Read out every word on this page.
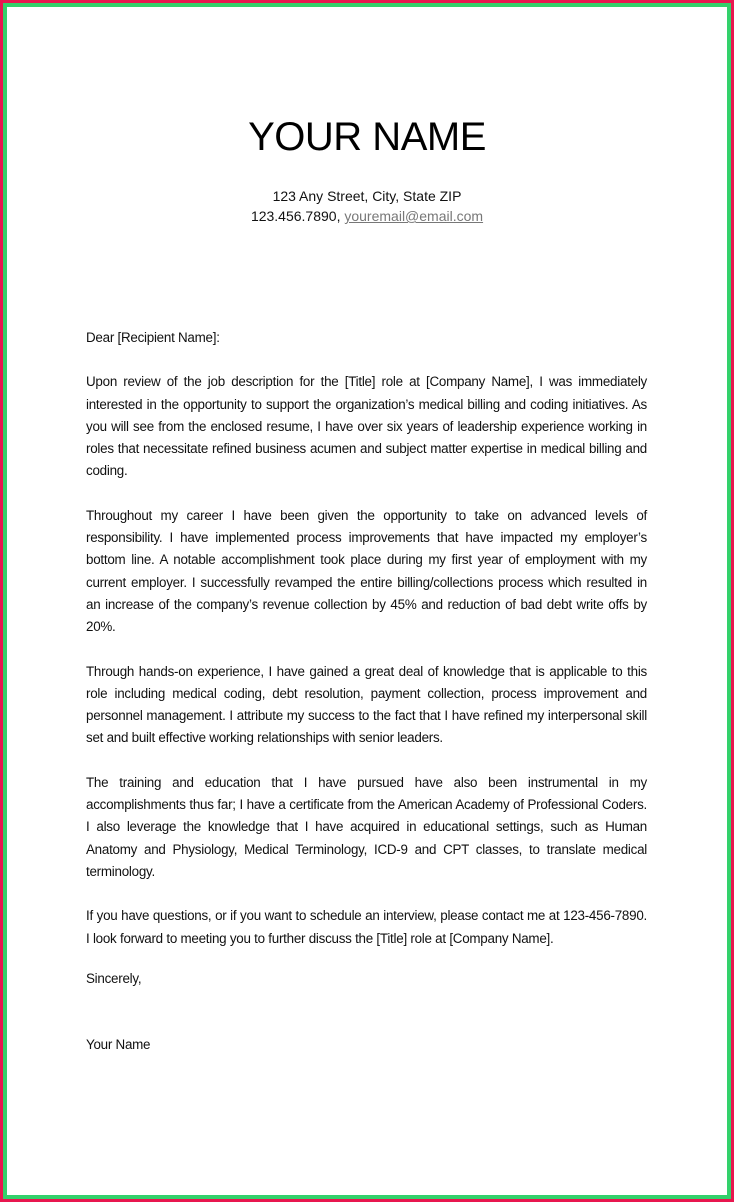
YOUR NAME
123 Any Street, City, State ZIP
123.456.7890, youremail@email.com

Dear [Recipient Name]:

Upon review of the job description for the [Title] role at [Company Name], I was immediately interested in the opportunity to support the organization’s medical billing and coding initiatives. As you will see from the enclosed resume, I have over six years of leadership experience working in roles that necessitate refined business acumen and subject matter expertise in medical billing and coding.

Throughout my career I have been given the opportunity to take on advanced levels of responsibility. I have implemented process improvements that have impacted my employer’s bottom line. A notable accomplishment took place during my first year of employment with my current employer. I successfully revamped the entire billing/collections process which resulted in an increase of the company’s revenue collection by 45% and reduction of bad debt write offs by 20%.

Through hands-on experience, I have gained a great deal of knowledge that is applicable to this role including medical coding, debt resolution, payment collection, process improvement and personnel management. I attribute my success to the fact that I have refined my interpersonal skill set and built effective working relationships with senior leaders.

The training and education that I have pursued have also been instrumental in my accomplishments thus far; I have a certificate from the American Academy of Professional Coders. I also leverage the knowledge that I have acquired in educational settings, such as Human Anatomy and Physiology, Medical Terminology, ICD-9 and CPT classes, to translate medical terminology.

If you have questions, or if you want to schedule an interview, please contact me at 123-456-7890. I look forward to meeting you to further discuss the [Title] role at [Company Name].

Sincerely,
Your Name
